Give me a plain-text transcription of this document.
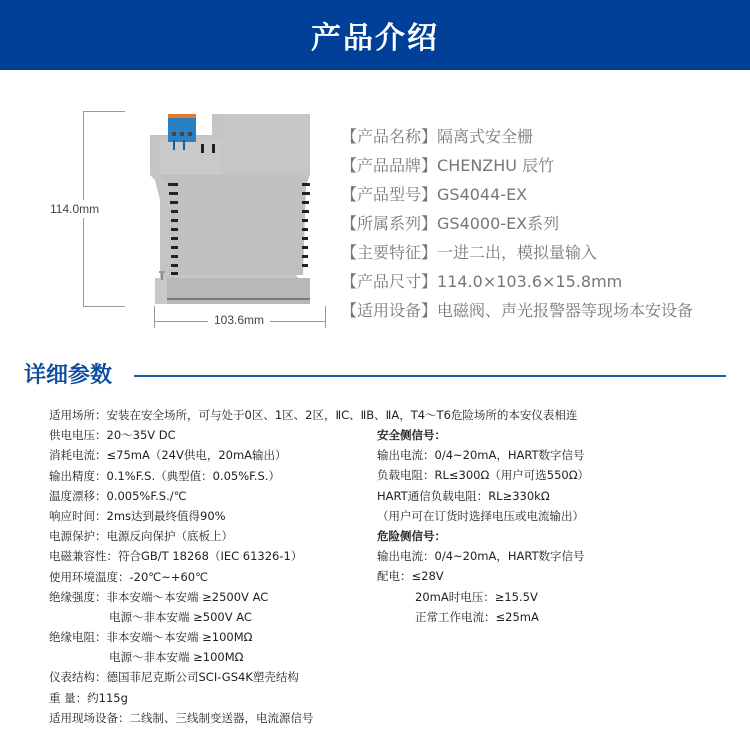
产品介绍
114.0mm
103.6mm
【产品名称】隔离式安全栅
【产品品牌】CHENZHU 辰竹
【产品型号】GS4044-EX
【所属系列】GS4000-EX系列
【主要特征】一进二出，模拟量输入
【产品尺寸】114.0×103.6×15.8mm
【适用设备】电磁阀、声光报警器等现场本安设备
详细参数
适用场所：安装在安全场所，可与处于0区、1区、2区，ⅡC、ⅡB、ⅡA，T4～T6危险场所的本安仪表相连
供电电压：20～35V DC
消耗电流：≤75mA（24V供电，20mA输出）
输出精度：0.1%F.S.（典型值：0.05%F.S.）
温度漂移：0.005%F.S./℃
响应时间：2ms达到最终值得90%
电源保护：电源反向保护（底板上）
电磁兼容性：符合GB/T 18268（IEC 61326-1）
使用环境温度：-20℃~+60℃
绝缘强度：非本安端～本安端 ≥2500V AC
电源～非本安端 ≥500V AC
绝缘电阻：非本安端～本安端 ≥100MΩ
电源～非本安端 ≥100MΩ
仪表结构：德国菲尼克斯公司SCI-GS4K塑壳结构
重 量：约115g
适用现场设备：二线制、三线制变送器，电流源信号
安全侧信号：
输出电流：0/4~20mA，HART数字信号
负载电阻：RL≤300Ω（用户可选550Ω）
HART通信负载电阻：RL≥330kΩ
（用户可在订货时选择电压或电流输出）
危险侧信号：
输出电流：0/4~20mA，HART数字信号
配电：≤28V
20mA时电压：≥15.5V
正常工作电流：≤25mA
